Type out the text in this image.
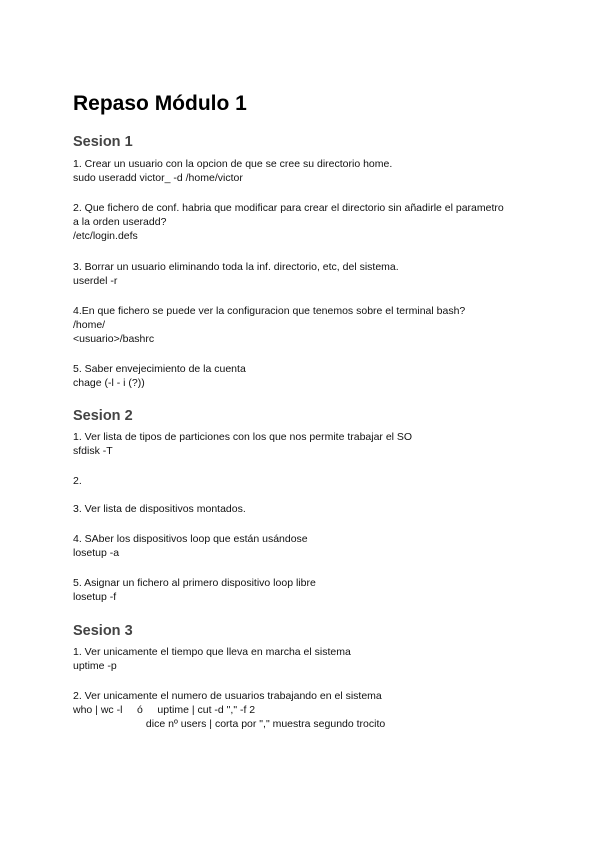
Repaso Módulo 1
Sesion 1
1. Crear un usuario con la opcion de que se cree su directorio home.
sudo useradd victor_ -d /home/victor
2. Que fichero de conf. habria que modificar para crear el directorio sin añadirle el parametro
a la orden useradd?
/etc/login.defs
3. Borrar un usuario eliminando toda la inf. directorio, etc, del sistema.
userdel -r
4.En que fichero se puede ver la configuracion que tenemos sobre el terminal bash?
/home/
<usuario>/bashrc
5. Saber envejecimiento de la cuenta
chage (-l - i (?))
Sesion 2
1. Ver lista de tipos de particiones con los que nos permite trabajar el SO
sfdisk -T
2.
3. Ver lista de dispositivos montados.
4. SAber los dispositivos loop que están usándose
losetup -a
5. Asignar un fichero al primero dispositivo loop libre
losetup -f
Sesion 3
1. Ver unicamente el tiempo que lleva en marcha el sistema
uptime -p
2. Ver unicamente el numero de usuarios trabajando en el sistema
who | wc -l     ó     uptime | cut -d "," -f 2
dice nº users | corta por "," muestra segundo trocito
